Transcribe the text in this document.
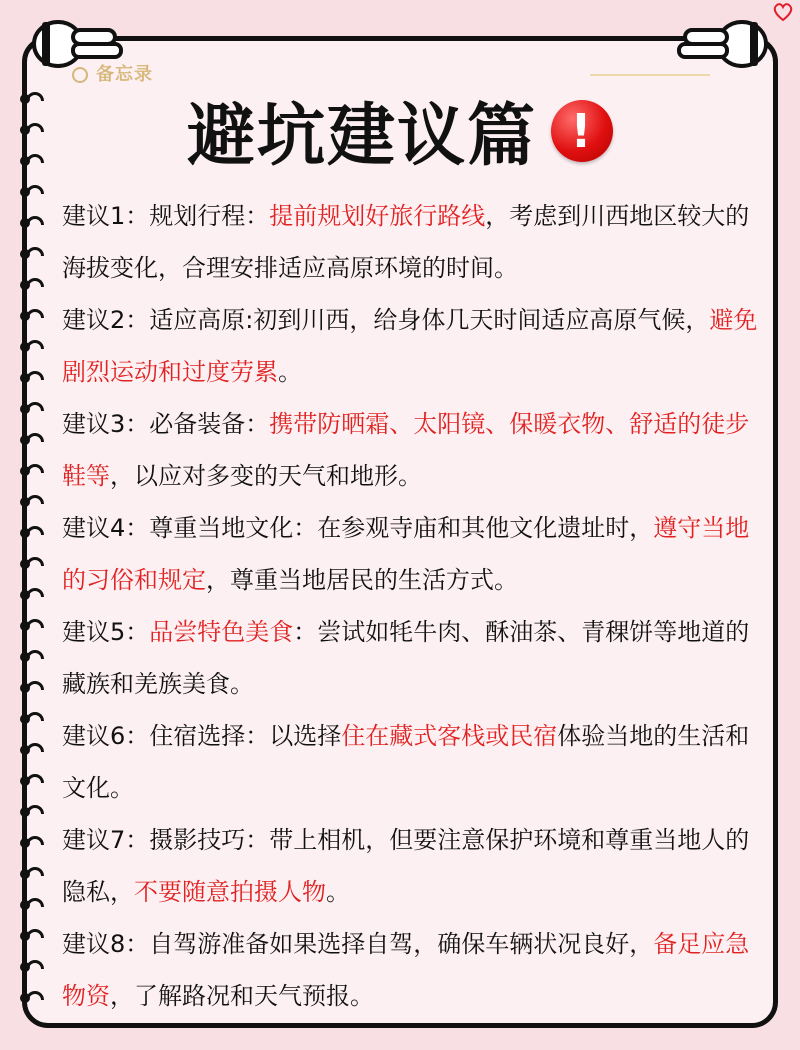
备忘录
避坑建议篇 !

建议1：规划行程：提前规划好旅行路线，考虑到川西地区较大的海拔变化，合理安排适应高原环境的时间。

建议2：适应高原:初到川西，给身体几天时间适应高原气候，避免剧烈运动和过度劳累。

建议3：必备装备：携带防晒霜、太阳镜、保暖衣物、舒适的徒步鞋等，以应对多变的天气和地形。

建议4：尊重当地文化：在参观寺庙和其他文化遗址时，遵守当地的习俗和规定，尊重当地居民的生活方式。

建议5：品尝特色美食：尝试如牦牛肉、酥油茶、青稞饼等地道的藏族和羌族美食。

建议6：住宿选择：以选择住在藏式客栈或民宿体验当地的生活和文化。

建议7：摄影技巧：带上相机，但要注意保护环境和尊重当地人的隐私，不要随意拍摄人物。

建议8：自驾游准备如果选择自驾，确保车辆状况良好，备足应急物资，了解路况和天气预报。
